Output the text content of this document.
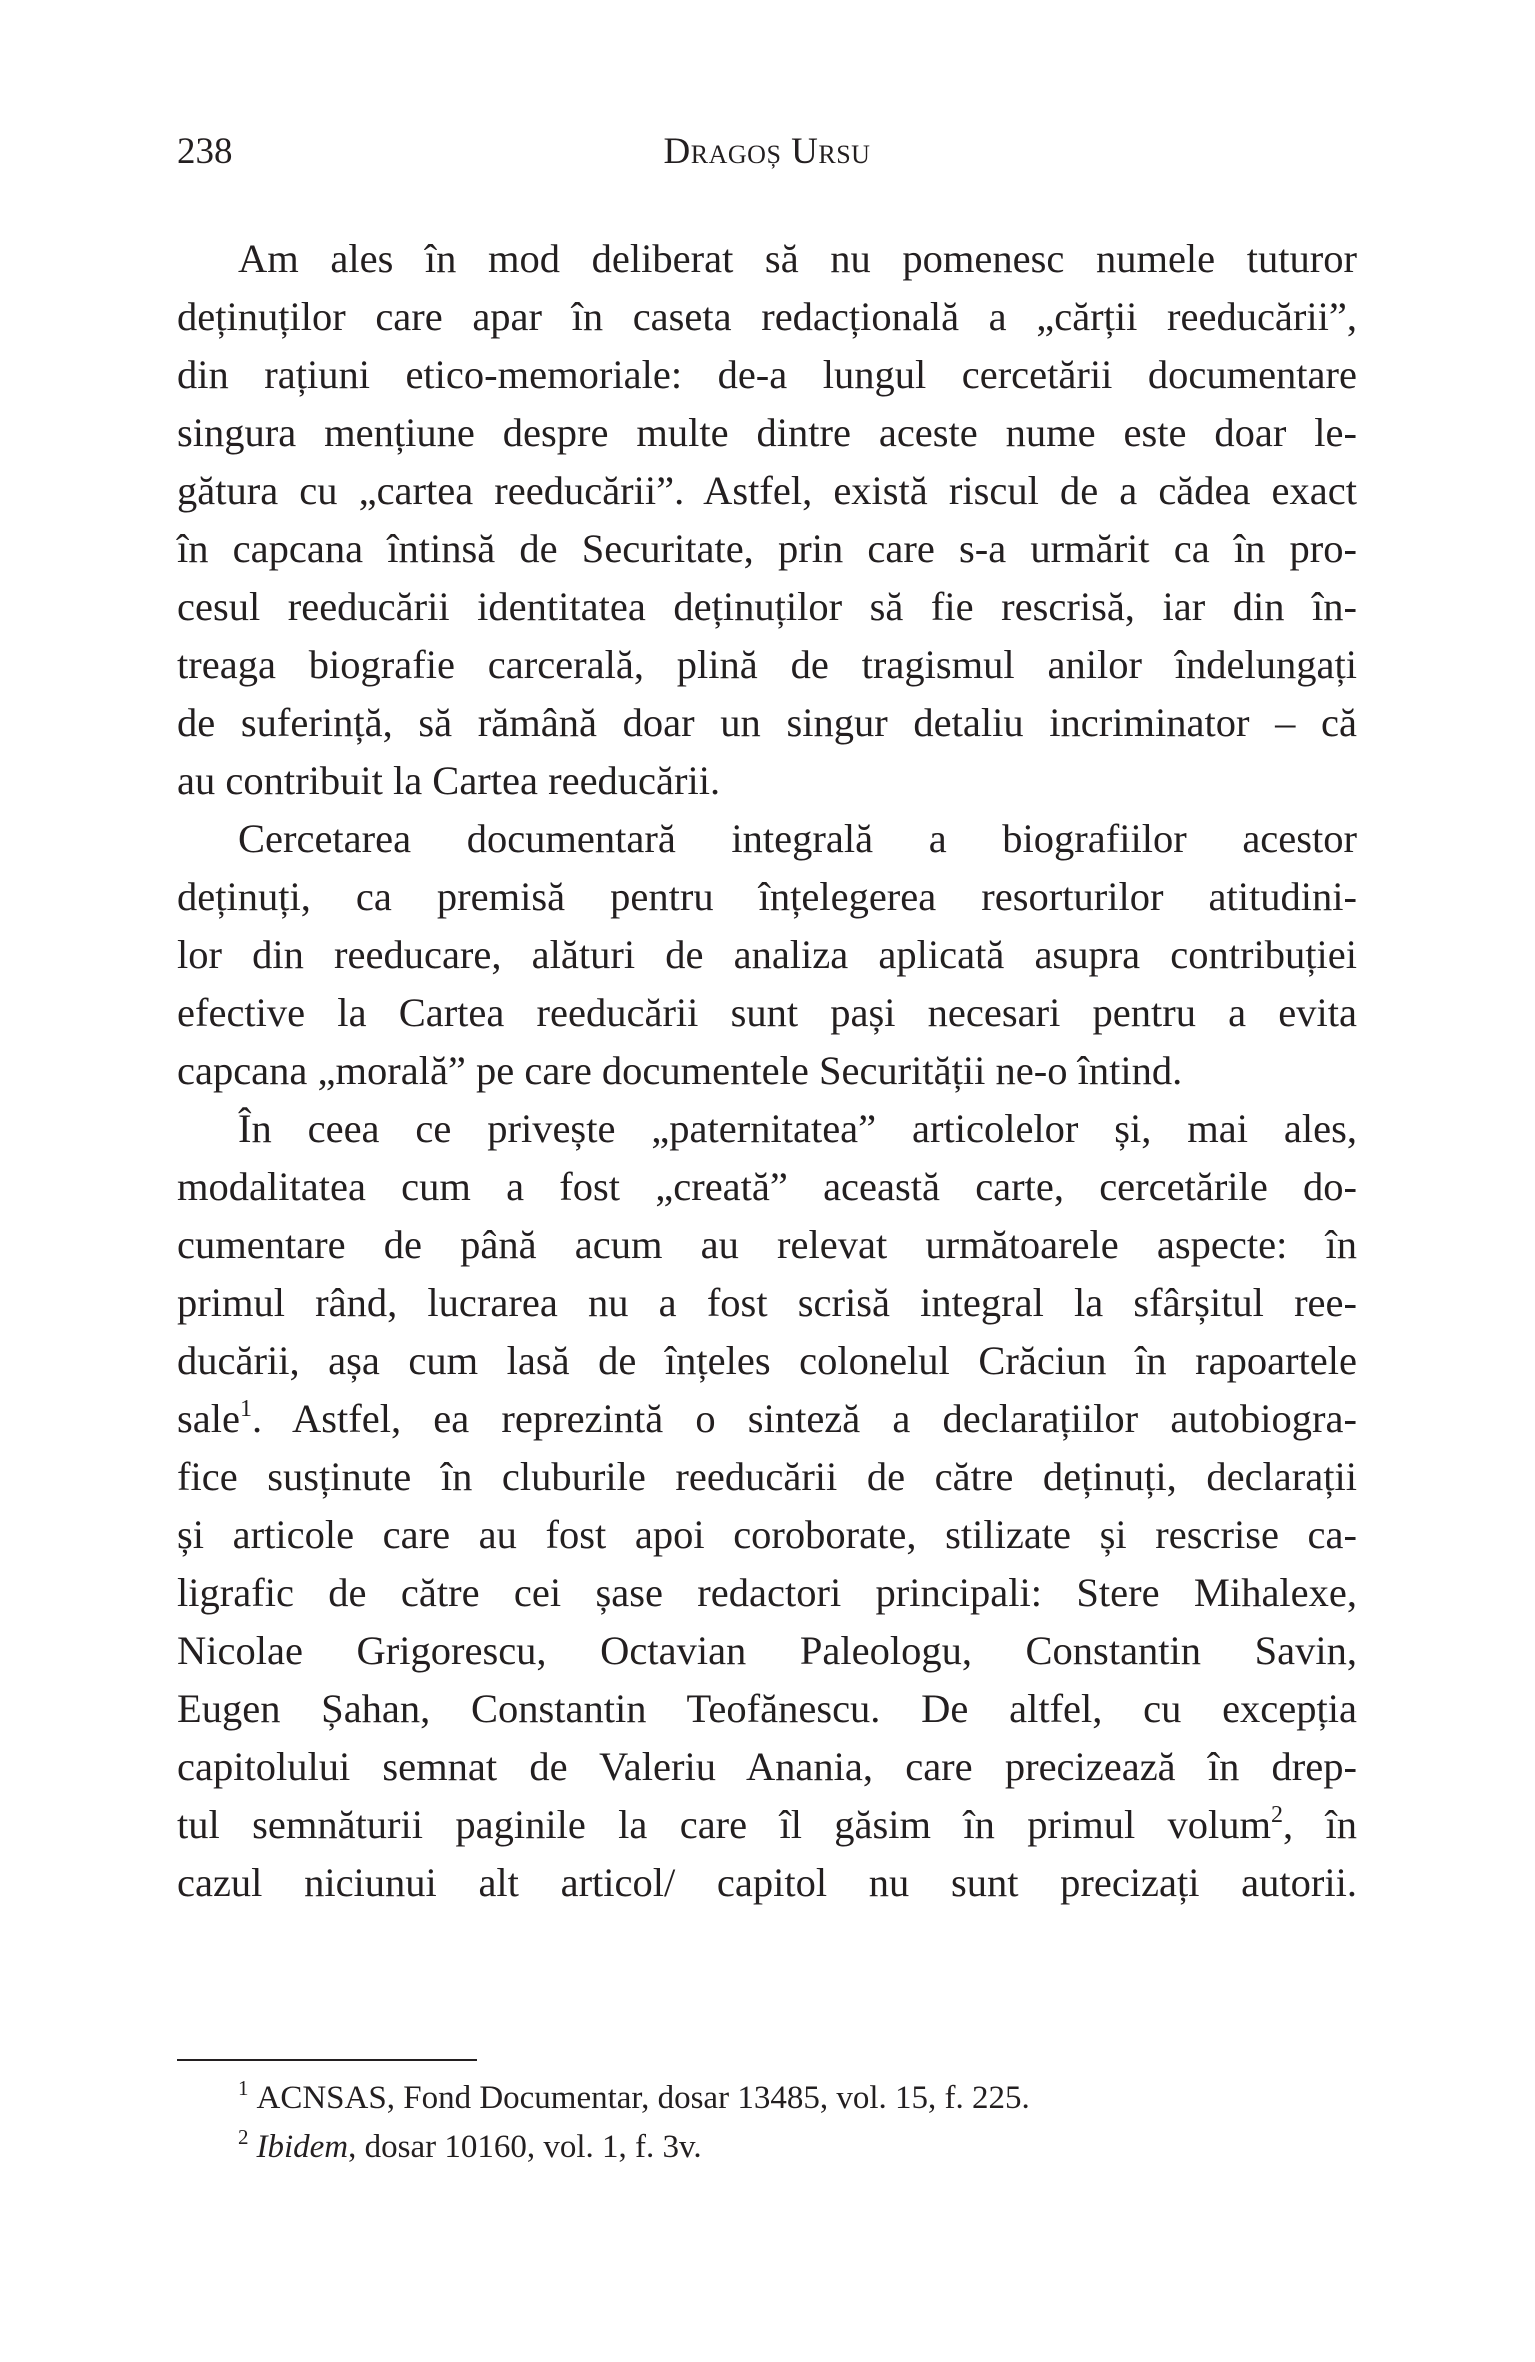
238	Dragoș Ursu
Am ales în mod deliberat să nu pomenesc numele tuturor
deținuților care apar în caseta redacțională a „cărții reeducării”,
din rațiuni etico-memoriale: de-a lungul cercetării documentare
singura mențiune despre multe dintre aceste nume este doar le-
gătura cu „cartea reeducării”. Astfel, există riscul de a cădea exact
în capcana întinsă de Securitate, prin care s-a urmărit ca în pro-
cesul reeducării identitatea deținuților să fie rescrisă, iar din în-
treaga biografie carcerală, plină de tragismul anilor îndelungați
de suferință, să rămână doar un singur detaliu incriminator – că
au contribuit la Cartea reeducării.
Cercetarea documentară integrală a biografiilor acestor
deținuți, ca premisă pentru înțelegerea resorturilor atitudini-
lor din reeducare, alături de analiza aplicată asupra contribuției
efective la Cartea reeducării sunt pași necesari pentru a evita
capcana „morală” pe care documentele Securității ne-o întind.
În ceea ce privește „paternitatea” articolelor și, mai ales,
modalitatea cum a fost „creată” această carte, cercetările do-
cumentare de până acum au relevat următoarele aspecte: în
primul rând, lucrarea nu a fost scrisă integral la sfârșitul ree-
ducării, așa cum lasă de înțeles colonelul Crăciun în rapoartele
sale$^1$. Astfel, ea reprezintă o sinteză a declarațiilor autobiogra-
fice susținute în cluburile reeducării de către deținuți, declarații
și articole care au fost apoi coroborate, stilizate și rescrise ca-
ligrafic de către cei șase redactori principali: Stere Mihalexe,
Nicolae Grigorescu, Octavian Paleologu, Constantin Savin,
Eugen Șahan, Constantin Teofănescu. De altfel, cu excepția
capitolului semnat de Valeriu Anania, care precizează în drep-
tul semnăturii paginile la care îl găsim în primul volum$^2$, în
cazul niciunui alt articol/ capitol nu sunt precizați autorii.
$^1$ ACNSAS, Fond Documentar, dosar 13485, vol. 15, f. 225.
$^2$ Ibidem, dosar 10160, vol. 1, f. 3v.
